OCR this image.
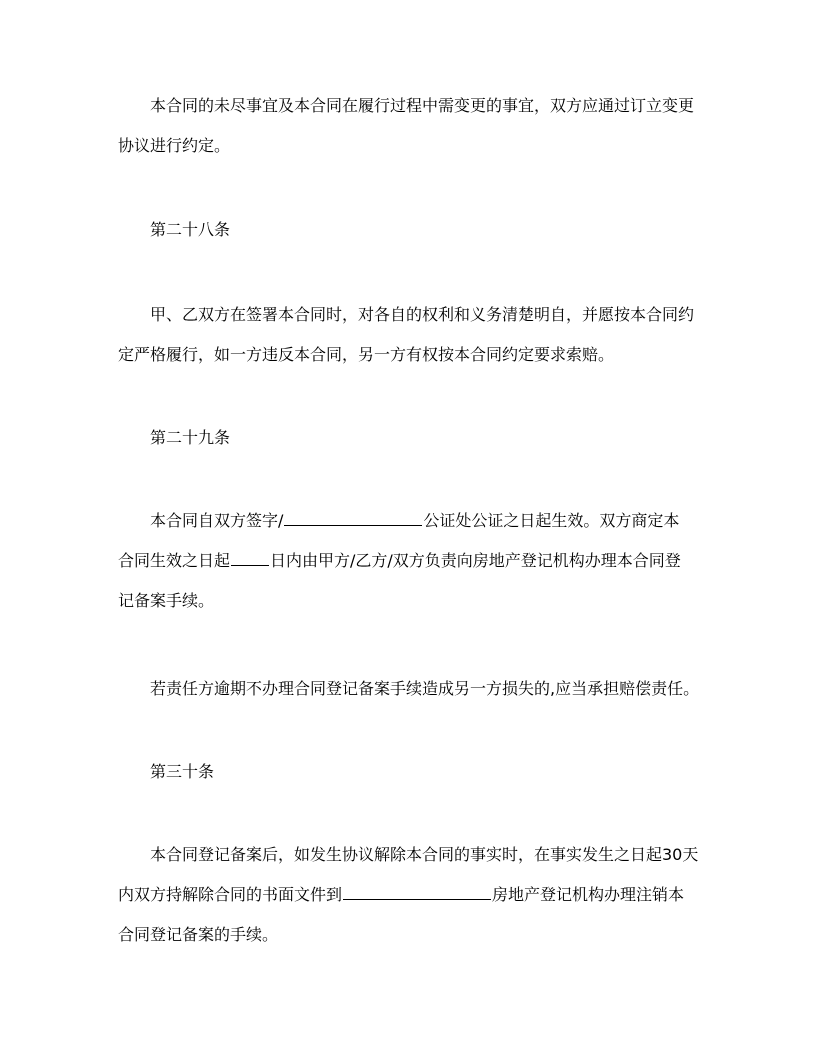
本合同的未尽事宜及本合同在履行过程中需变更的事宜，双方应通过订立变更
协议进行约定。
第二十八条
甲、乙双方在签署本合同时，对各自的权利和义务清楚明自，并愿按本合同约
定严格履行，如一方违反本合同，另一方有权按本合同约定要求索赔。
第二十九条
本合同自双方签字/	公证处公证之日起生效。双方商定本
合同生效之日起	日内由甲方/乙方/双方负责向房地产登记机构办理本合同登
记备案手续。
若责任方逾期不办理合同登记备案手续造成另一方损失的,应当承担赔偿责任。
第三十条
本合同登记备案后，如发生协议解除本合同的事实时，在事实发生之日起30天
内双方持解除合同的书面文件到	房地产登记机构办理注销本
合同登记备案的手续。
